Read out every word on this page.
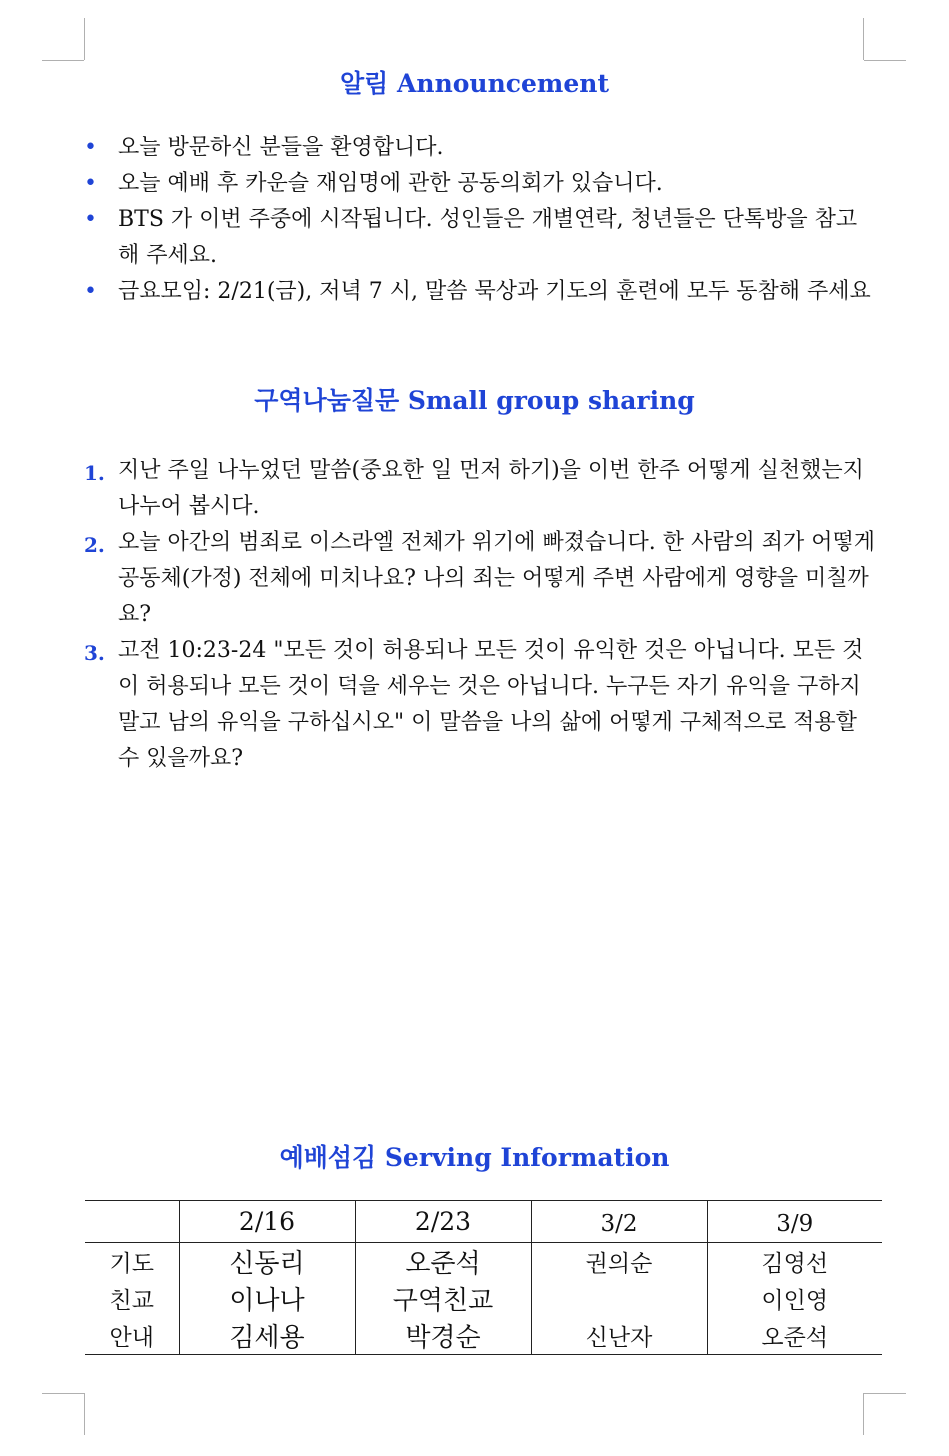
알림 Announcement
• 오늘 방문하신 분들을 환영합니다.
• 오늘 예배 후 카운슬 재임명에 관한 공동의회가 있습니다.
• BTS 가 이번 주중에 시작됩니다. 성인들은 개별연락, 청년들은 단톡방을 참고해 주세요.
• 금요모임: 2/21(금), 저녁 7 시, 말씀 묵상과 기도의 훈련에 모두 동참해 주세요
구역나눔질문 Small group sharing
1. 지난 주일 나누었던 말씀(중요한 일 먼저 하기)을 이번 한주 어떻게 실천했는지 나누어 봅시다.
2. 오늘 아간의 범죄로 이스라엘 전체가 위기에 빠졌습니다. 한 사람의 죄가 어떻게 공동체(가정) 전체에 미치나요? 나의 죄는 어떻게 주변 사람에게 영향을 미칠까요?
3. 고전 10:23-24 "모든 것이 허용되나 모든 것이 유익한 것은 아닙니다. 모든 것이 허용되나 모든 것이 덕을 세우는 것은 아닙니다. 누구든 자기 유익을 구하지 말고 남의 유익을 구하십시오" 이 말씀을 나의 삶에 어떻게 구체적으로 적용할 수 있을까요?
예배섬김 Serving Information
	2/16	2/23	3/2	3/9
기도	신동리	오준석	권의순	김영선
친교	이나나	구역친교		이인영
안내	김세용	박경순	신난자	오준석
